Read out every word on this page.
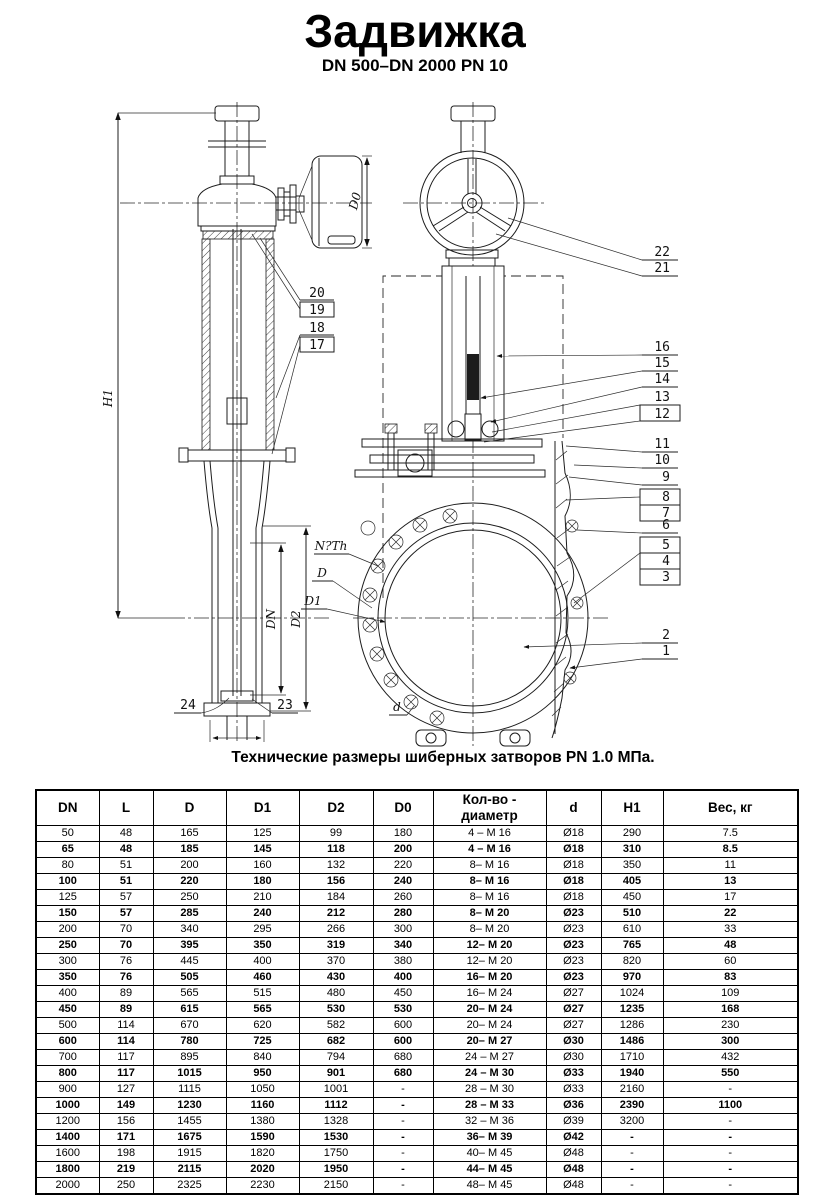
Задвижка
DN 500–DN 2000 PN 10
H1
D0
DN D2
20
19
18
17
24	23
N?Th
D
D1
d
22
21
16
15
14
13
12
11
10
9
8
7
6
5
4
3
2
1
Технические размеры шиберных затворов PN 1.0 МПа.
DN	L	D	D1	D2	D0	Кол-во - диаметр	d	H1	Вес, кг
50	48	165	125	99	180	4 – M 16	Ø18	290	7.5
65	48	185	145	118	200	4 – M 16	Ø18	310	8.5
80	51	200	160	132	220	8– M 16	Ø18	350	11
100	51	220	180	156	240	8– M 16	Ø18	405	13
125	57	250	210	184	260	8– M 16	Ø18	450	17
150	57	285	240	212	280	8– M 20	Ø23	510	22
200	70	340	295	266	300	8– M 20	Ø23	610	33
250	70	395	350	319	340	12– M 20	Ø23	765	48
300	76	445	400	370	380	12– M 20	Ø23	820	60
350	76	505	460	430	400	16– M 20	Ø23	970	83
400	89	565	515	480	450	16– M 24	Ø27	1024	109
450	89	615	565	530	530	20– M 24	Ø27	1235	168
500	114	670	620	582	600	20– M 24	Ø27	1286	230
600	114	780	725	682	600	20– M 27	Ø30	1486	300
700	117	895	840	794	680	24 – M 27	Ø30	1710	432
800	117	1015	950	901	680	24 – M 30	Ø33	1940	550
900	127	1115	1050	1001	-	28 – M 30	Ø33	2160	-
1000	149	1230	1160	1112	-	28 – M 33	Ø36	2390	1100
1200	156	1455	1380	1328	-	32 – M 36	Ø39	3200	-
1400	171	1675	1590	1530	-	36– M 39	Ø42	-	-
1600	198	1915	1820	1750	-	40– M 45	Ø48	-	-
1800	219	2115	2020	1950	-	44– M 45	Ø48	-	-
2000	250	2325	2230	2150	-	48– M 45	Ø48	-	-
